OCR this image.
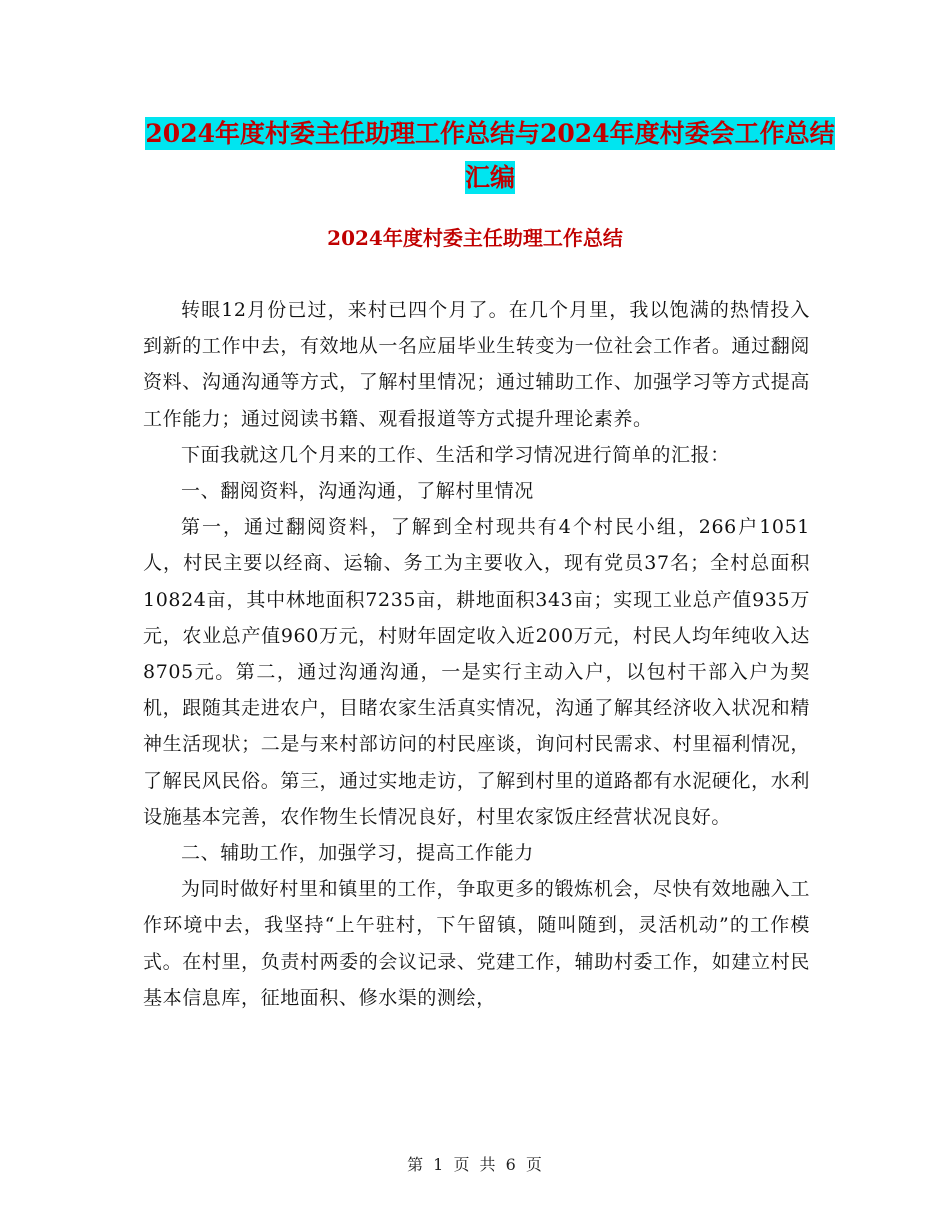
2024年度村委主任助理工作总结与2024年度村委会工作总结汇编
2024年度村委主任助理工作总结

转眼12月份已过，来村已四个月了。在几个月里，我以饱满的热情投入到新的工作中去，有效地从一名应届毕业生转变为一位社会工作者。通过翻阅资料、沟通沟通等方式，了解村里情况；通过辅助工作、加强学习等方式提高工作能力；通过阅读书籍、观看报道等方式提升理论素养。

下面我就这几个月来的工作、生活和学习情况进行简单的汇报：

一、翻阅资料，沟通沟通，了解村里情况

第一，通过翻阅资料，了解到全村现共有4个村民小组，266户1051人，村民主要以经商、运输、务工为主要收入，现有党员37名；全村总面积10824亩，其中林地面积7235亩，耕地面积343亩；实现工业总产值935万元，农业总产值960万元，村财年固定收入近200万元，村民人均年纯收入达8705元。第二，通过沟通沟通，一是实行主动入户，以包村干部入户为契机，跟随其走进农户，目睹农家生活真实情况，沟通了解其经济收入状况和精神生活现状；二是与来村部访问的村民座谈，询问村民需求、村里福利情况，了解民风民俗。第三，通过实地走访，了解到村里的道路都有水泥硬化，水利设施基本完善，农作物生长情况良好，村里农家饭庄经营状况良好。

二、辅助工作，加强学习，提高工作能力

为同时做好村里和镇里的工作，争取更多的锻炼机会，尽快有效地融入工作环境中去，我坚持“上午驻村，下午留镇，随叫随到，灵活机动”的工作模式。在村里，负责村两委的会议记录、党建工作，辅助村委工作，如建立村民基本信息库，征地面积、修水渠的测绘，

第 1 页 共 6 页
